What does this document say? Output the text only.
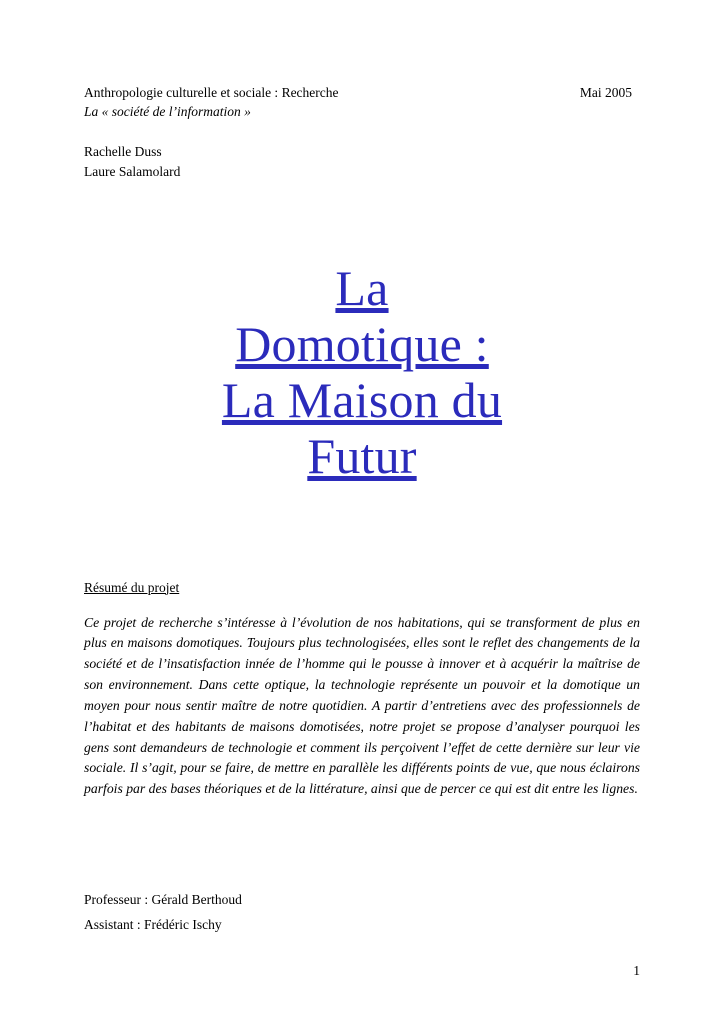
Anthropologie culturelle et sociale : Recherche	Mai 2005
La « société de l’information »
Rachelle Duss
Laure Salamolard
La
Domotique :
La Maison du
Futur
Résumé du projet
Ce projet de recherche s’intéresse à l’évolution de nos habitations, qui se transforment de plus en plus en maisons domotiques. Toujours plus technologisées, elles sont le reflet des changements de la société et de l’insatisfaction innée de l’homme qui le pousse à innover et à acquérir la maîtrise de son environnement. Dans cette optique, la technologie représente un pouvoir et la domotique un moyen pour nous sentir maître de notre quotidien. A partir d’entretiens avec des professionnels de l’habitat et des habitants de maisons domotisées, notre projet se propose d’analyser pourquoi les gens sont demandeurs de technologie et comment ils perçoivent l’effet de cette dernière sur leur vie sociale. Il s’agit, pour se faire, de mettre en parallèle les différents points de vue, que nous éclairons parfois par des bases théoriques et de la littérature, ainsi que de percer ce qui est dit entre les lignes.
Professeur : Gérald Berthoud
Assistant : Frédéric Ischy
1
